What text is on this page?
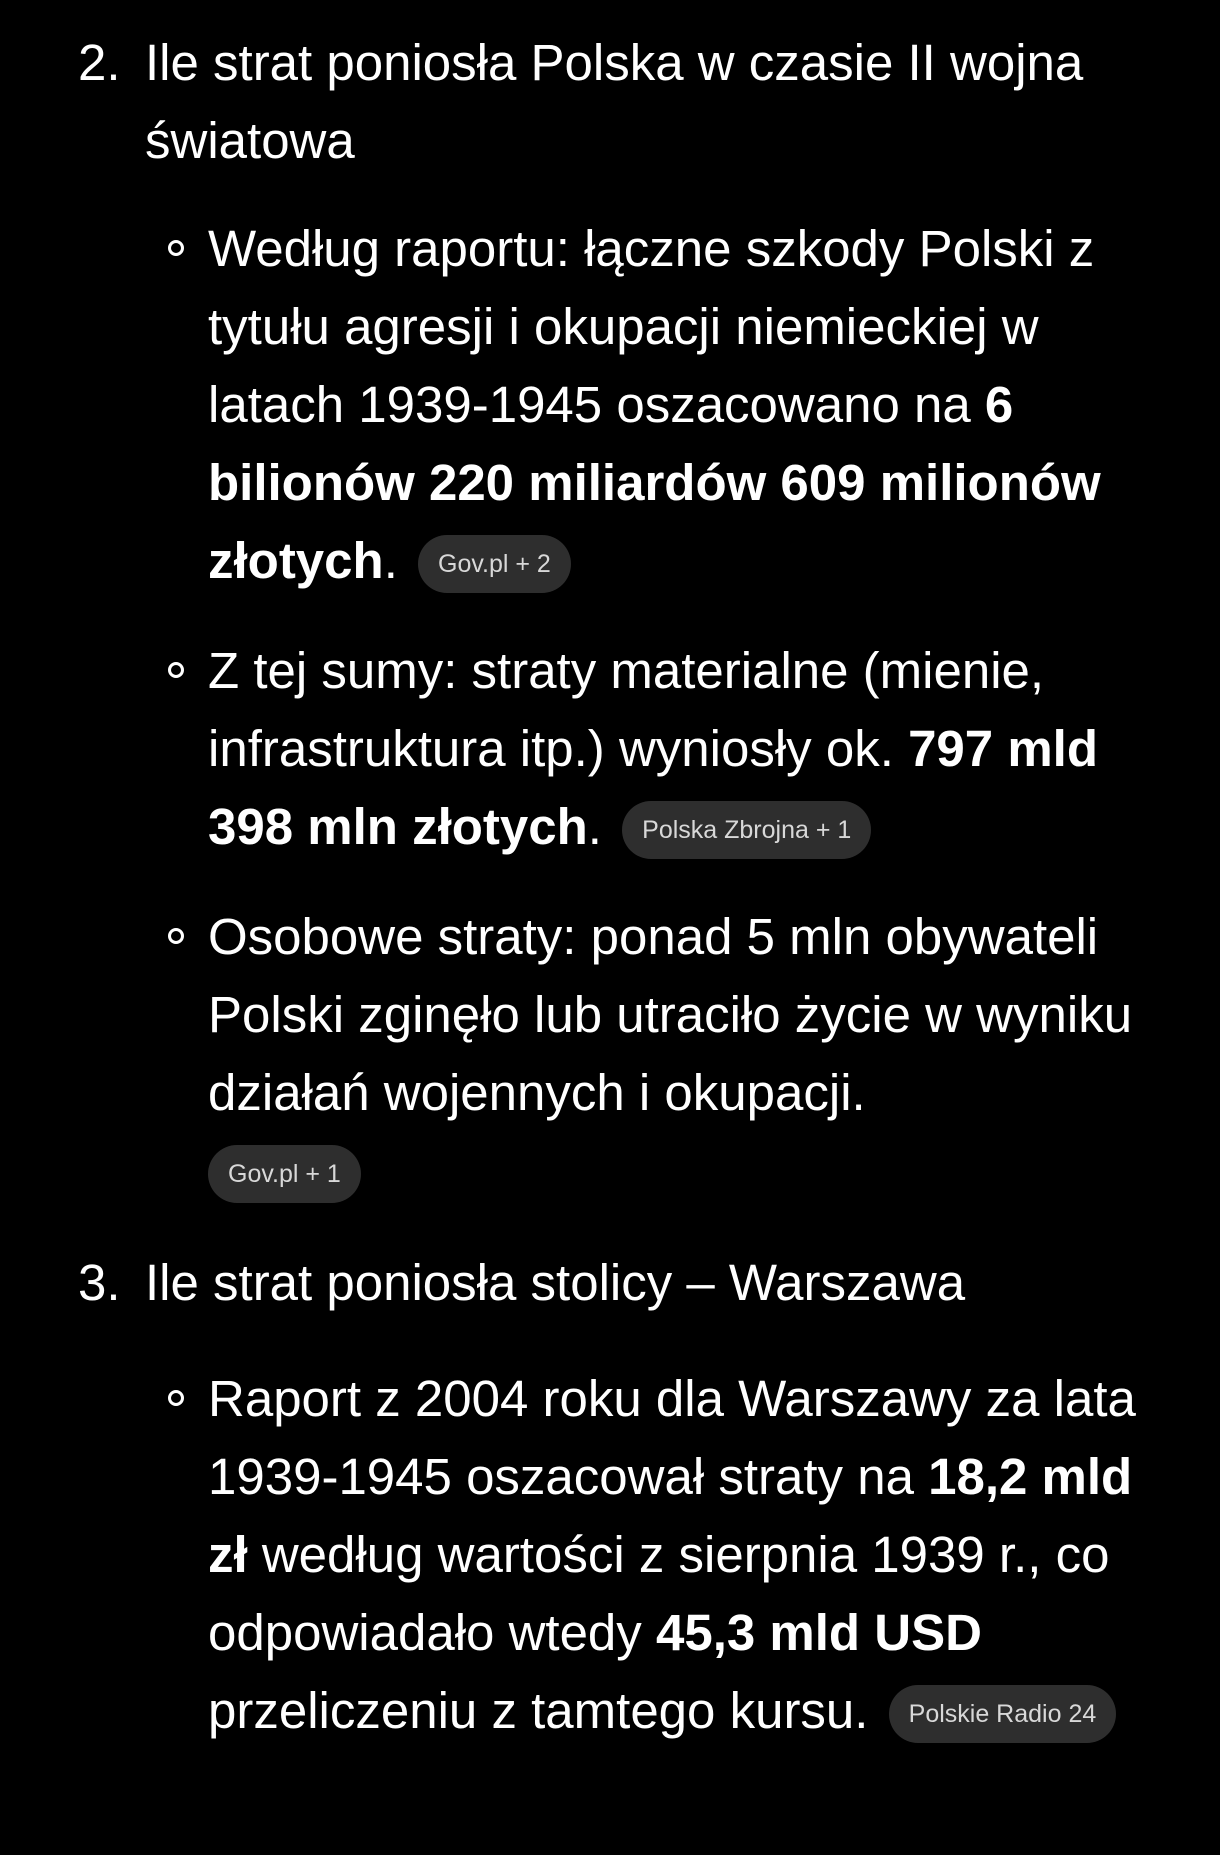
2. Ile strat poniosła Polska w czasie II wojna światowa
Według raportu: łączne szkody Polski z tytułu agresji i okupacji niemieckiej w latach 1939-1945 oszacowano na 6 bilionów 220 miliardów 609 milionów złotych. Gov.pl + 2
Z tej sumy: straty materialne (mienie, infrastruktura itp.) wyniosły ok. 797 mld 398 mln złotych. Polska Zbrojna + 1
Osobowe straty: ponad 5 mln obywateli Polski zginęło lub utraciło życie w wyniku działań wojennych i okupacji.
Gov.pl + 1
3. Ile strat poniosła stolicy – Warszawa
Raport z 2004 roku dla Warszawy za lata 1939-1945 oszacował straty na 18,2 mld zł według wartości z sierpnia 1939 r., co odpowiadało wtedy 45,3 mld USD przeliczeniu z tamtego kursu. Polskie Radio 24
